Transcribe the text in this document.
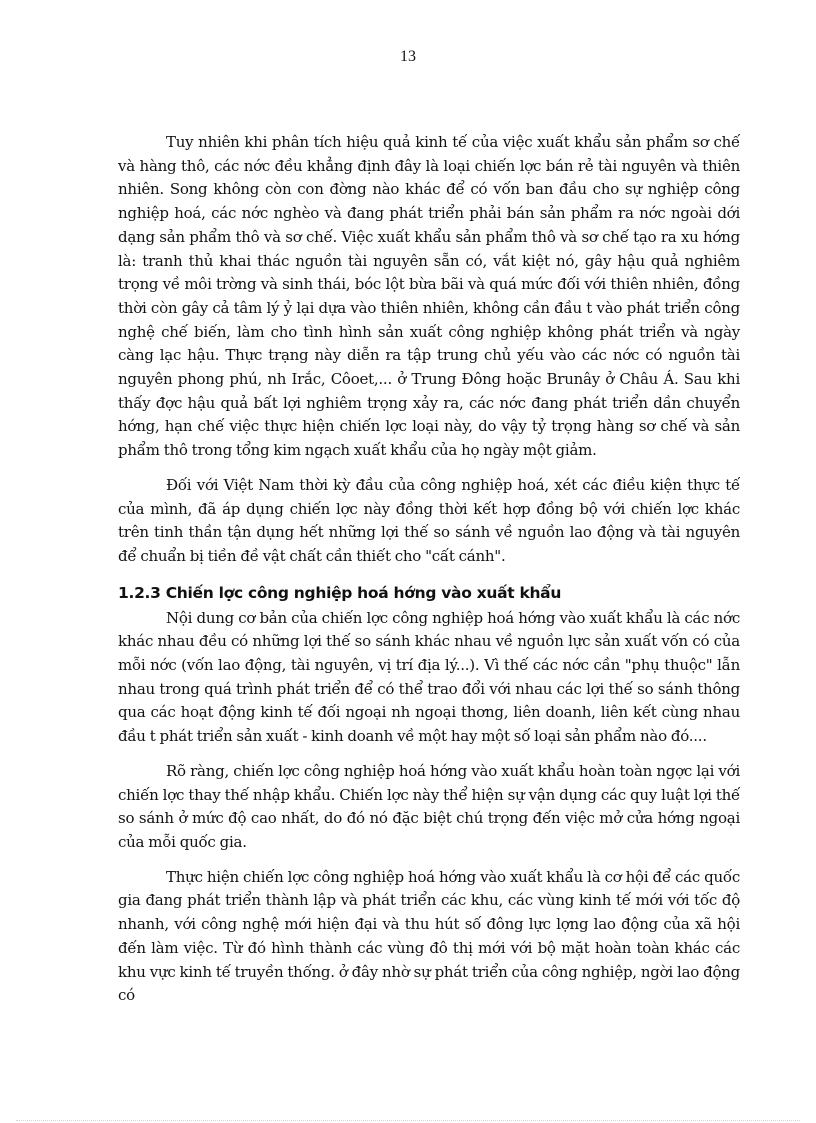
13

Tuy nhiên khi phân tích hiệu quả kinh tế của việc xuất khẩu sản phẩm sơ chế và hàng thô, các nớc đều khẳng định đây là loại chiến lợc bán rẻ tài nguyên và thiên nhiên. Song không còn con đờng nào khác để có vốn ban đầu cho sự nghiệp công nghiệp hoá, các nớc nghèo và đang phát triển phải bán sản phẩm ra nớc ngoài dới dạng sản phẩm thô và sơ chế. Việc xuất khẩu sản phẩm thô và sơ chế tạo ra xu hớng là: tranh thủ khai thác nguồn tài nguyên sẵn có, vắt kiệt nó, gây hậu quả nghiêm trọng về môi trờng và sinh thái, bóc lột bừa bãi và quá mức đối với thiên nhiên, đồng thời còn gây cả tâm lý ỷ lại dựa vào thiên nhiên, không cần đầu t vào phát triển công nghệ chế biến, làm cho tình hình sản xuất công nghiệp không phát triển và ngày càng lạc hậu. Thực trạng này diễn ra tập trung chủ yếu vào các nớc có nguồn tài nguyên phong phú, nh Irắc, Côoet,... ở Trung Đông hoặc Brunây ở Châu Á. Sau khi thấy đợc hậu quả bất lợi nghiêm trọng xảy ra, các nớc đang phát triển dần chuyển hớng, hạn chế việc thực hiện chiến lợc loại này, do vậy tỷ trọng hàng sơ chế và sản phẩm thô trong tổng kim ngạch xuất khẩu của họ ngày một giảm.

Đối với Việt Nam thời kỳ đầu của công nghiệp hoá, xét các điều kiện thực tế của mình, đã áp dụng chiến lợc này đồng thời kết hợp đồng bộ với chiến lợc khác trên tinh thần tận dụng hết những lợi thế so sánh về nguồn lao động và tài nguyên để chuẩn bị tiền đề vật chất cần thiết cho "cất cánh".

1.2.3 Chiến lợc công nghiệp hoá hớng vào xuất khẩu

Nội dung cơ bản của chiến lợc công nghiệp hoá hớng vào xuất khẩu là các nớc khác nhau đều có những lợi thế so sánh khác nhau về nguồn lực sản xuất vốn có của mỗi nớc (vốn lao động, tài nguyên, vị trí địa lý...). Vì thế các nớc cần "phụ thuộc" lẫn nhau trong quá trình phát triển để có thể trao đổi với nhau các lợi thế so sánh thông qua các hoạt động kinh tế đối ngoại nh ngoại thơng, liên doanh, liên kết cùng nhau đầu t phát triển sản xuất - kinh doanh về một hay một số loại sản phẩm nào đó....

Rõ ràng, chiến lợc công nghiệp hoá hớng vào xuất khẩu hoàn toàn ngợc lại với chiến lợc thay thế nhập khẩu. Chiến lợc này thể hiện sự vận dụng các quy luật lợi thế so sánh ở mức độ cao nhất, do đó nó đặc biệt chú trọng đến việc mở cửa hớng ngoại của mỗi quốc gia.

Thực hiện chiến lợc công nghiệp hoá hớng vào xuất khẩu là cơ hội để các quốc gia đang phát triển thành lập và phát triển các khu, các vùng kinh tế mới với tốc độ nhanh, với công nghệ mới hiện đại và thu hút số đông lực lợng lao động của xã hội đến làm việc. Từ đó hình thành các vùng đô thị mới với bộ mặt hoàn toàn khác các khu vực kinh tế truyền thống. ở đây nhờ sự phát triển của công nghiệp, ngời lao động có
